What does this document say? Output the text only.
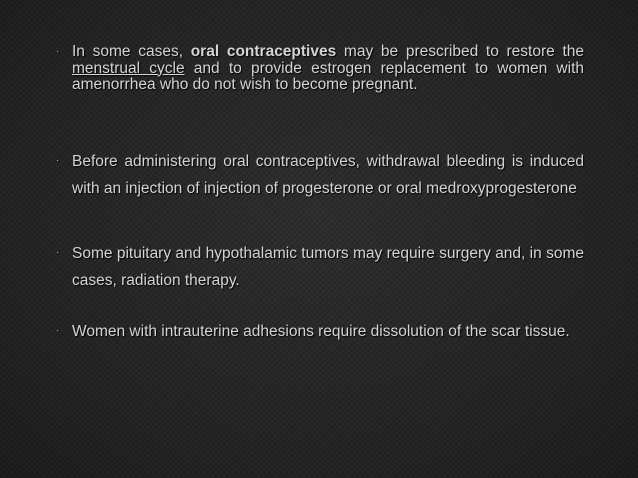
· In some cases, oral contraceptives may be prescribed to restore the menstrual cycle and to provide estrogen replacement to women with amenorrhea who do not wish to become pregnant.
· Before administering oral contraceptives, withdrawal bleeding is induced with an injection of injection of progesterone or oral medroxyprogesterone
· Some pituitary and hypothalamic tumors may require surgery and, in some cases, radiation therapy.
· Women with intrauterine adhesions require dissolution of the scar tissue.
